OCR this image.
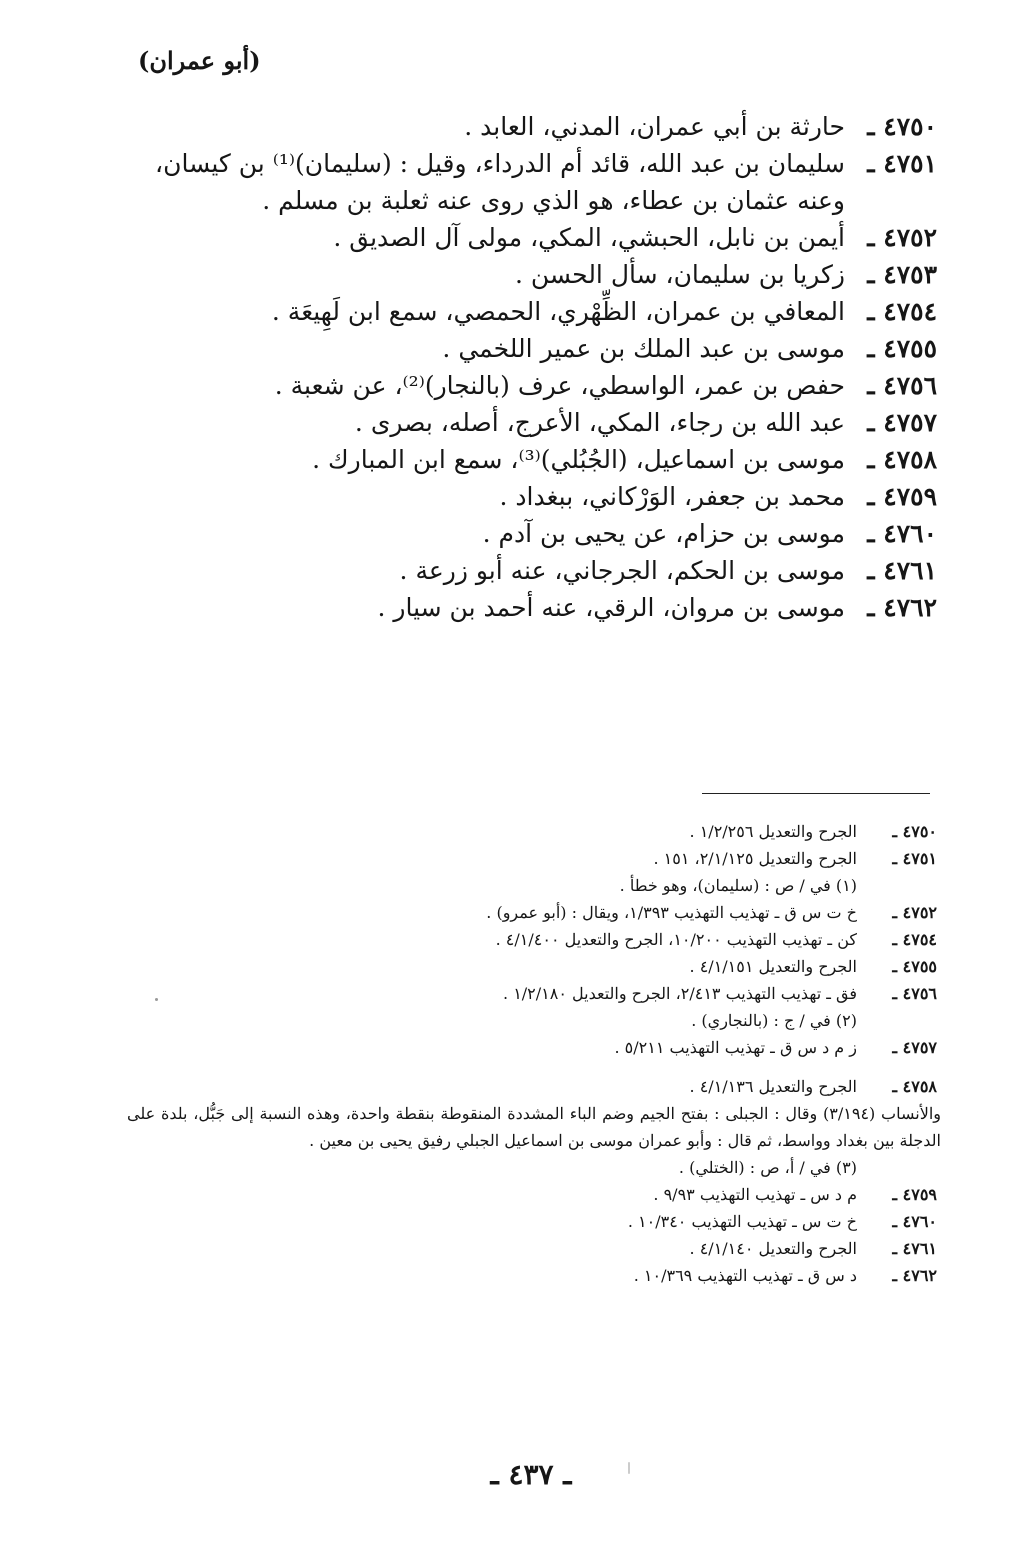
(أبو عمران)
٤٧٥٠ ـحارثة بن أبي عمران، المدني، العابد .
٤٧٥١ ـسليمان بن عبد الله، قائد أم الدرداء، وقيل : (سليمان)⁽¹⁾ بن كيسان،
وعنه عثمان بن عطاء، هو الذي روى عنه ثعلبة بن مسلم .
٤٧٥٢ ـأيمن بن نابل، الحبشي، المكي، مولى آل الصديق .
٤٧٥٣ ـزكريا بن سليمان، سأل الحسن .
٤٧٥٤ ـالمعافي بن عمران، الظِّهْري، الحمصي، سمع ابن لَهِيعَة .
٤٧٥٥ ـموسى بن عبد الملك بن عمير اللخمي .
٤٧٥٦ ـحفص بن عمر، الواسطي، عرف (بالنجار)⁽²⁾، عن شعبة .
٤٧٥٧ ـعبد الله بن رجاء، المكي، الأعرج، أصله، بصرى .
٤٧٥٨ ـموسى بن اسماعيل، (الجُبُلي)⁽³⁾، سمع ابن المبارك .
٤٧٥٩ ـمحمد بن جعفر، الوَرْكاني، ببغداد .
٤٧٦٠ ـموسى بن حزام، عن يحيى بن آدم .
٤٧٦١ ـموسى بن الحكم، الجرجاني، عنه أبو زرعة .
٤٧٦٢ ـموسى بن مروان، الرقي، عنه أحمد بن سيار .
٤٧٥٠ ـالجرح والتعديل ١/٢/٢٥٦ .
٤٧٥١ ـالجرح والتعديل ٢/١/١٢٥، ١٥١ .
(١) في / ص : (سليمان)، وهو خطأ .
٤٧٥٢ ـخ ت س ق ـ تهذيب التهذيب ١/٣٩٣، ويقال : (أبو عمرو) .
٤٧٥٤ ـكن ـ تهذيب التهذيب ١٠/٢٠٠، الجرح والتعديل ٤/١/٤٠٠ .
٤٧٥٥ ـالجرح والتعديل ٤/١/١٥١ .
٤٧٥٦ ـفق ـ تهذيب التهذيب ٢/٤١٣، الجرح والتعديل ١/٢/١٨٠ .
(٢) في / ج : (بالنجاري) .
٤٧٥٧ ـز م د س ق ـ تهذيب التهذيب ٥/٢١١ .
٤٧٥٨ ـالجرح والتعديل ٤/١/١٣٦ .
والأنساب (٣/١٩٤) وقال : الجبلى : بفتح الجيم وضم الباء المشددة المنقوطة بنقطة واحدة، وهذه النسبة إلى جَبُّل، بلدة على الدجلة بين بغداد وواسط، ثم قال : وأبو عمران موسى بن اسماعيل الجبلي رفيق يحيى بن معين .
(٣) في / أ، ص : (الختلي) .
٤٧٥٩ ـم د س ـ تهذيب التهذيب ٩/٩٣ .
٤٧٦٠ ـخ ت س ـ تهذيب التهذيب ١٠/٣٤٠ .
٤٧٦١ ـالجرح والتعديل ٤/١/١٤٠ .
٤٧٦٢ ـد س ق ـ تهذيب التهذيب ١٠/٣٦٩ .
ـ ٤٣٧ ـ
